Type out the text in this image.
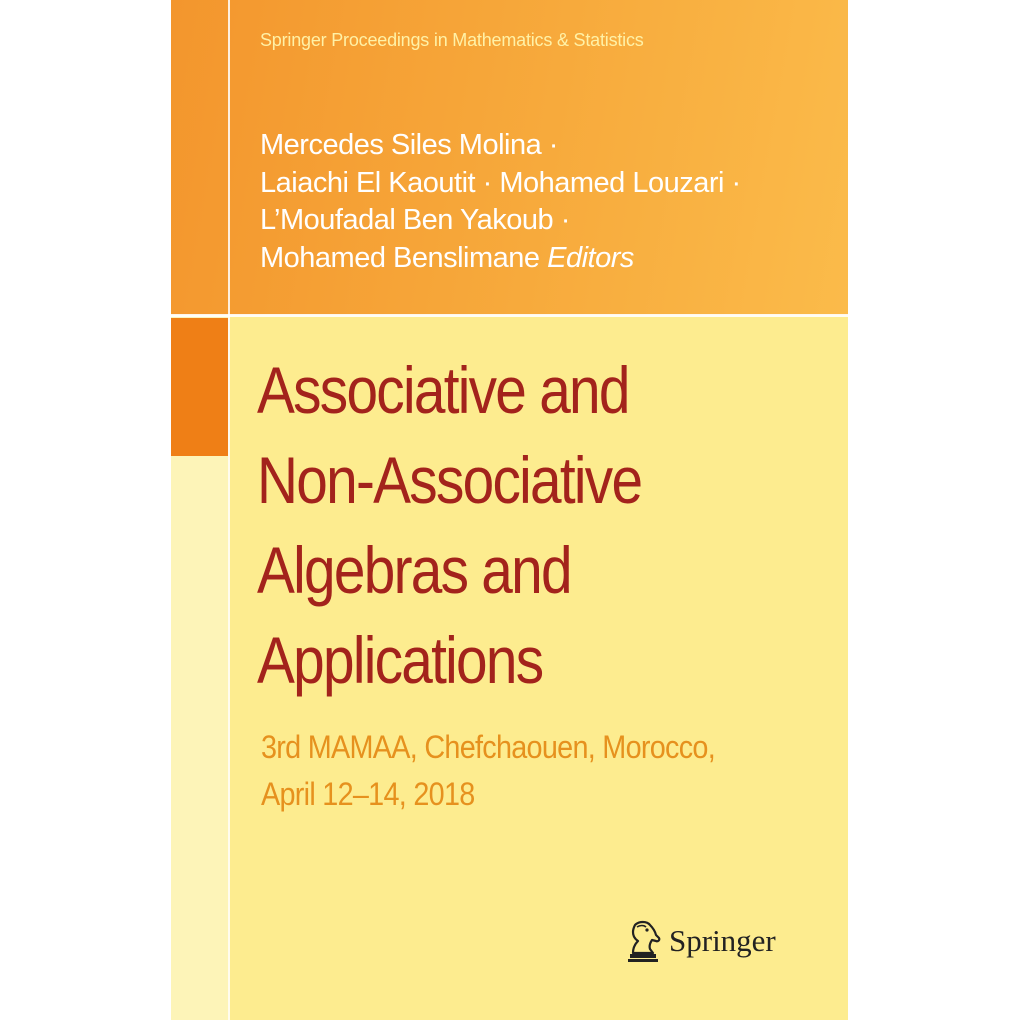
Springer Proceedings in Mathematics & Statistics
Mercedes Siles Molina ·
Laiachi El Kaoutit · Mohamed Louzari ·
L’Moufadal Ben Yakoub ·
Mohamed Benslimane Editors
Associative and
Non-Associative
Algebras and
Applications
3rd MAMAA, Chefchaouen, Morocco,
April 12–14, 2018
Springer
